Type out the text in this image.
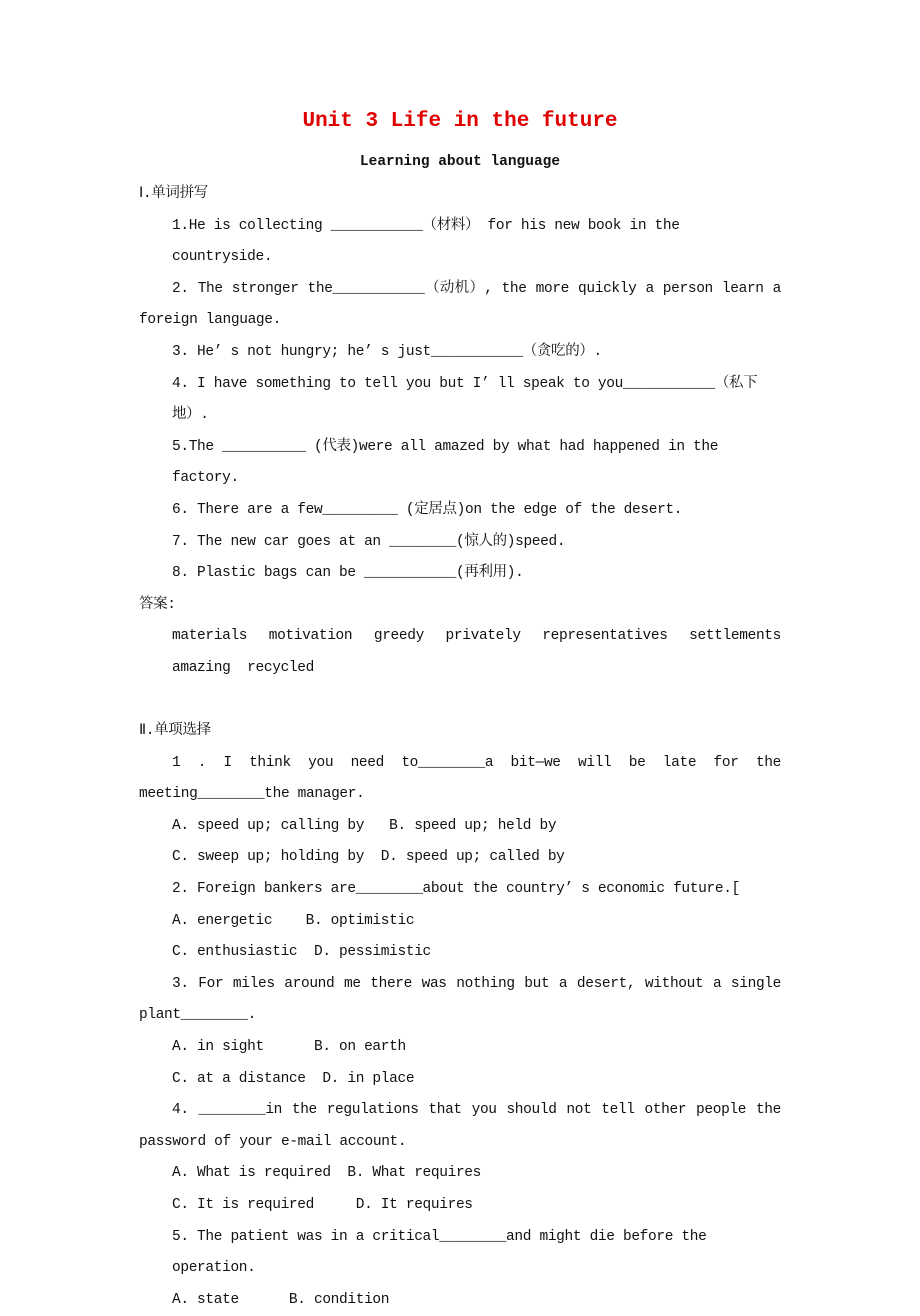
Unit 3 Life in the future
Learning about language
Ⅰ.单词拼写
1.He is collecting ___________（材料） for his new book in the countryside.
2. The stronger the___________（动机）, the more quickly a person learn a
foreign language.
3. He’ s not hungry; he’ s just___________（贪吃的）.
4. I have something to tell you but I’ ll speak to you___________（私下地）.
5.The __________ (代表)were all amazed by what had happened in the factory.
6. There are a few_________ (定居点)on the edge of the desert.
7. The new car goes at an ________(惊人的)speed.
8. Plastic bags can be ___________(再利用).
答案:
materials motivation greedy privately representatives settlements
amazing  recycled
Ⅱ.单项选择
1 . I think you need to________a bit—we will be late for the
meeting________the manager.
A. speed up; calling by   B. speed up; held by
C. sweep up; holding by  D. speed up; called by
2. Foreign bankers are________about the country’ s economic future.[
A. energetic    B. optimistic
C. enthusiastic  D. pessimistic
3. For miles around me there was nothing but a desert, without a single
plant________.
A. in sight      B. on earth
C. at a distance  D. in place
4. ________in the regulations that you should not tell other people the
password of your e-mail account.
A. What is required  B. What requires
C. It is required     D. It requires
5. The patient was in a critical________and might die before the operation.
A. state      B. condition
